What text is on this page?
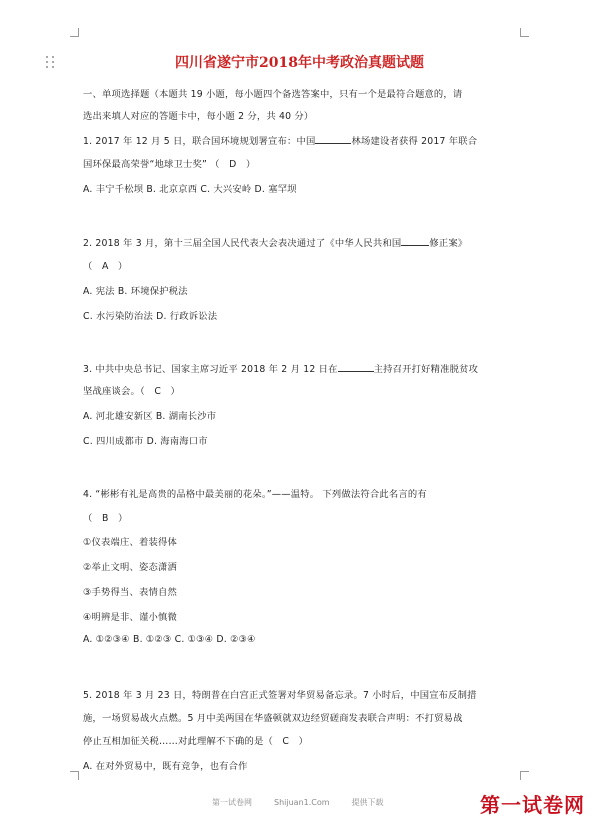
四川省遂宁市2018年中考政治真题试题
一、单项选择题（本题共 19 小题，每小题四个备选答案中，只有一个是最符合题意的，请
选出来填人对应的答题卡中，每小题 2 分，共 40 分）
1. 2017 年 12 月 5 日，联合国环境规划署宣布：中国	林场建设者获得 2017 年联合
国环保最高荣誉“地球卫士奖” （　D　）
A. 丰宁千松坝 B. 北京京西 C. 大兴安岭 D. 塞罕坝
2. 2018 年 3 月，第十三届全国人民代表大会表决通过了《中华人民共和国	修正案》
（　A　）
A. 宪法 B. 环境保护税法
C. 水污染防治法 D. 行政诉讼法
3. 中共中央总书记、国家主席习近平 2018 年 2 月 12 日在	主持召开打好精准脱贫攻
坚战座谈会。（　C　）
A. 河北雄安新区 B. 湖南长沙市
C. 四川成都市 D. 海南海口市
4. “彬彬有礼是高贵的品格中最美丽的花朵。”——温特。 下列做法符合此名言的有
（　B　）
①仪表端庄、着装得体
②举止文明、姿态潇洒
③手势得当、表情自然
④明辨是非、谨小慎微
A. ①②③④ B. ①②③ C. ①③④ D. ②③④
5. 2018 年 3 月 23 日，特朗普在白宫正式签署对华贸易备忘录。7 小时后，中国宣布反制措
施，一场贸易战火点燃。5 月中美两国在华盛顿就双边经贸磋商发表联合声明：不打贸易战
停止互相加征关税……对此理解不下确的是（　C　）
A. 在对外贸易中，既有竞争，也有合作
第一试卷网	Shijuan1.Com	提供下载	第一试卷网
